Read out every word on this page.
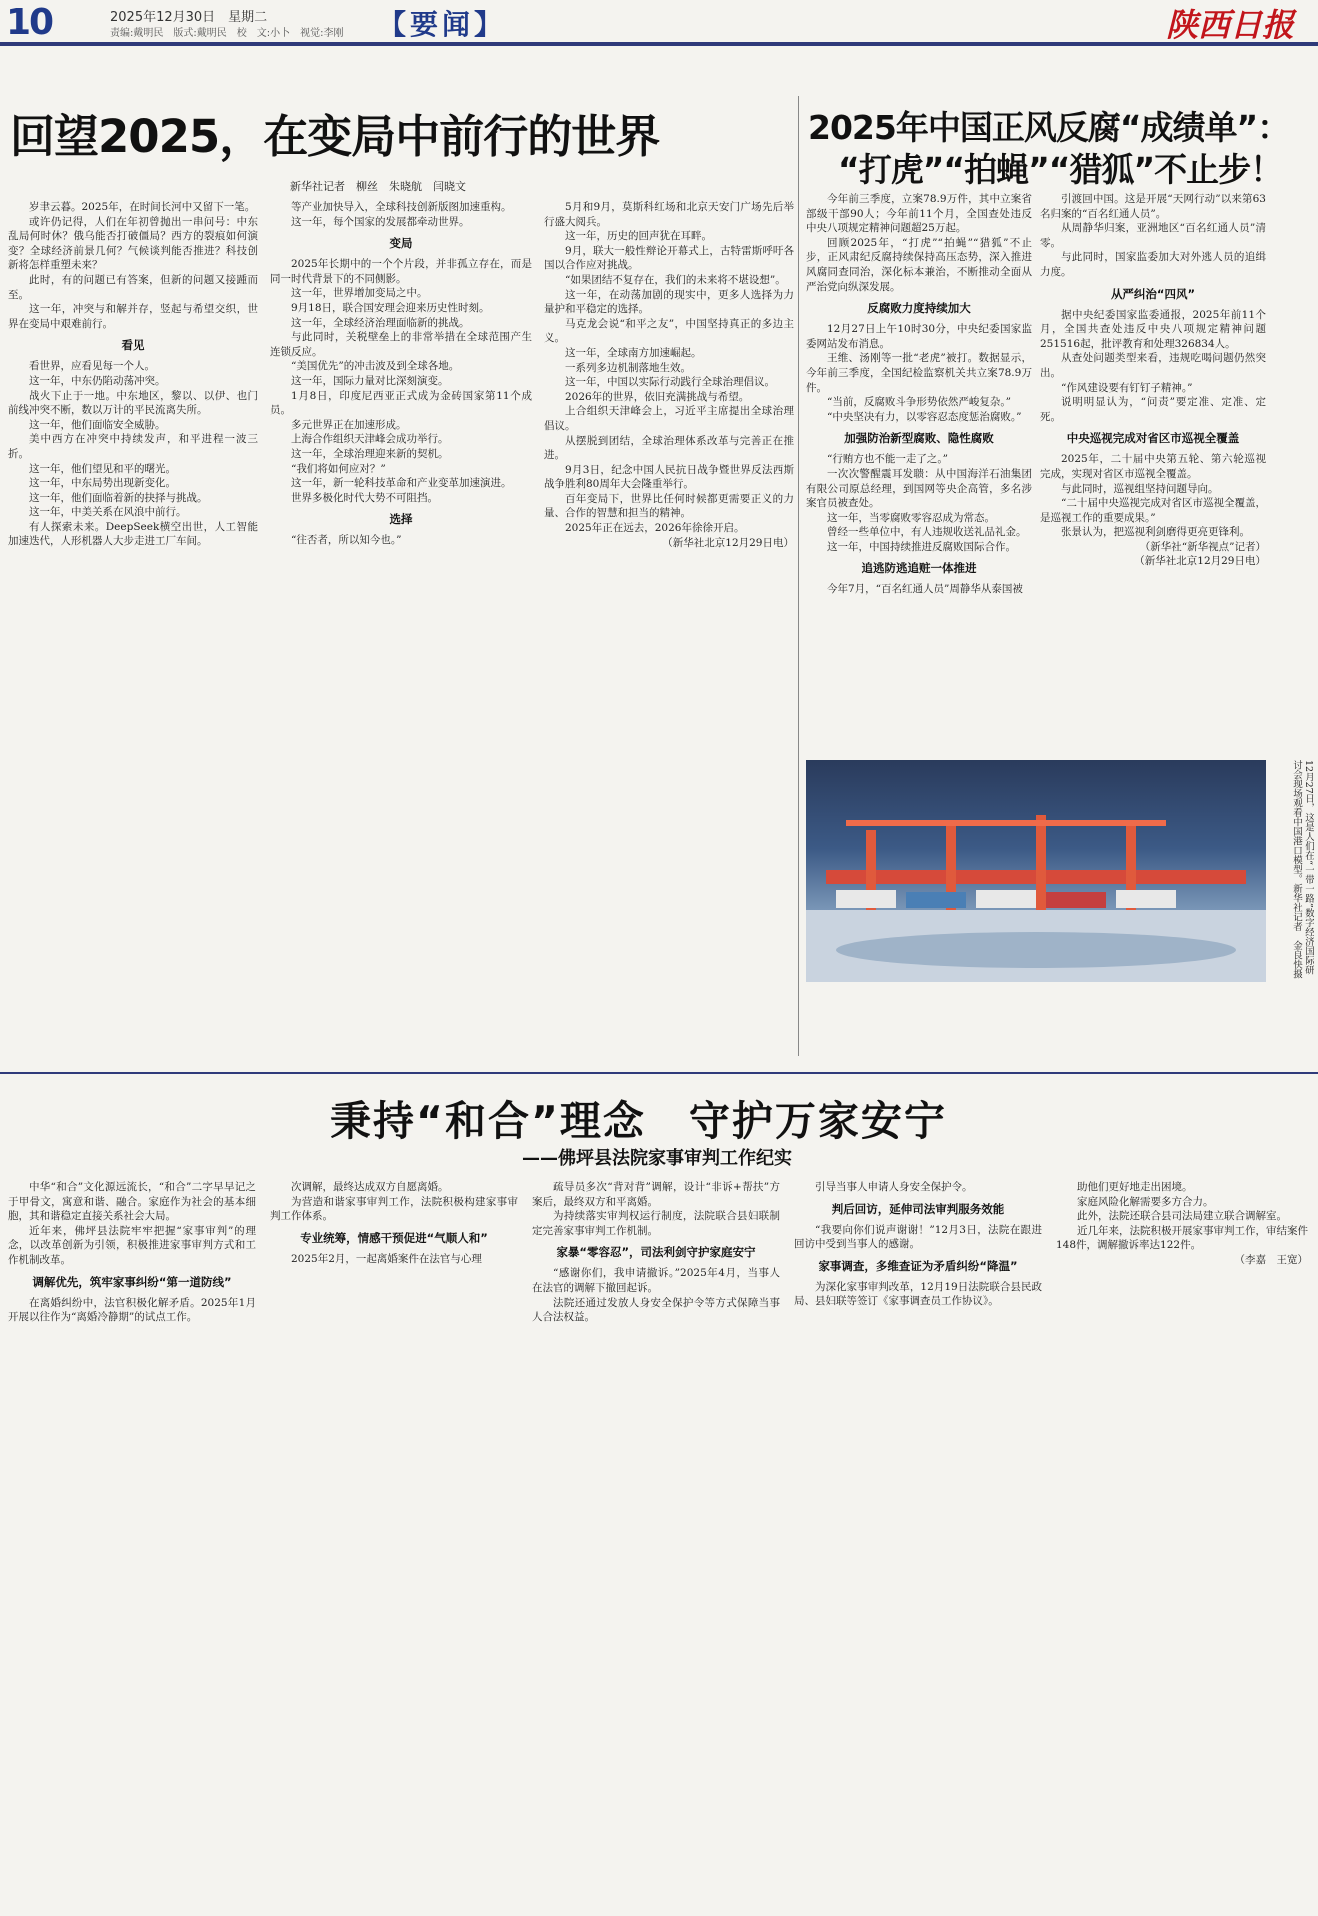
10	2025年12月30日　星期二
责编:戴明民　版式:戴明民　校　文:小卜　视觉:李刚 【要闻】	陕西日报
回望2025，在变局中前行的世界
新华社记者　柳丝　朱晓航　闫晓文

岁聿云暮。2025年，在时间长河中又留下一笔。

或许仍记得，人们在年初曾抛出一串问号：中东乱局何时休？俄乌能否打破僵局？西方的裂痕如何演变？全球经济前景几何？气候谈判能否推进？科技创新将怎样重塑未来？

此时，有的问题已有答案，但新的问题又接踵而至。

这一年，冲突与和解并存，竖起与希望交织，世界在变局中艰难前行。

看见

看世界，应看见每一个人。

这一年，中东仍陷动荡冲突。

战火下止于一地。中东地区，黎以、以伊、也门前线冲突不断，数以万计的平民流离失所。

这一年，他们面临安全威胁。

美中西方在冲突中持续发声，和平进程一波三折。

这一年，他们望见和平的曙光。

这一年，中东局势出现新变化。

这一年，他们面临着新的抉择与挑战。

这一年，中美关系在风浪中前行。

有人探索未来。DeepSeek横空出世，人工智能加速迭代，人形机器人大步走进工厂车间。

等产业加快导入，全球科技创新版图加速重构。

这一年，每个国家的发展都牵动世界。

变局

2025年长期中的一个个片段，并非孤立存在，而是同一时代背景下的不同侧影。

这一年，世界增加变局之中。

9月18日，联合国安理会迎来历史性时刻。

这一年，全球经济治理面临新的挑战。

与此同时，关税壁垒上的非常举措在全球范围产生连锁反应。

“美国优先”的冲击波及到全球各地。

这一年，国际力量对比深刻演变。

1月8日，印度尼西亚正式成为金砖国家第11个成员。

多元世界正在加速形成。

上海合作组织天津峰会成功举行。

这一年，全球治理迎来新的契机。

“我们将如何应对？”

这一年，新一轮科技革命和产业变革加速演进。

世界多极化时代大势不可阻挡。

选择

“往否者，所以知今也。”

5月和9月，莫斯科红场和北京天安门广场先后举行盛大阅兵。

这一年，历史的回声犹在耳畔。

9月，联大一般性辩论开幕式上，古特雷斯呼吁各国以合作应对挑战。

“如果团结不复存在，我们的未来将不堪设想”。

这一年，在动荡加剧的现实中，更多人选择为力量护和平稳定的选择。

马克龙会说“和平之友”，中国坚持真正的多边主义。

这一年，全球南方加速崛起。

一系列多边机制落地生效。

这一年，中国以实际行动践行全球治理倡议。

2026年的世界，依旧充满挑战与希望。

上合组织天津峰会上，习近平主席提出全球治理倡议。

从摆脱到团结，全球治理体系改革与完善正在推进。

9月3日，纪念中国人民抗日战争暨世界反法西斯战争胜利80周年大会隆重举行。

百年变局下，世界比任何时候都更需要正义的力量、合作的智慧和担当的精神。

2025年正在远去，2026年徐徐开启。

（新华社北京12月29日电）

2025年中国正风反腐“成绩单”：
“打虎”“拍蝇”“猎狐”不止步！

今年前三季度，立案78.9万件，其中立案省部级干部90人；今年前11个月，全国查处违反中央八项规定精神问题超25万起。

回顾2025年，“打虎”“拍蝇”“猎狐”不止步，正风肃纪反腐持续保持高压态势，深入推进风腐同查同治，深化标本兼治，不断推动全面从严治党向纵深发展。

反腐败力度持续加大

12月27日上午10时30分，中央纪委国家监委网站发布消息。

王维、汤刚等一批“老虎”被打。数据显示，今年前三季度，全国纪检监察机关共立案78.9万件。

“当前，反腐败斗争形势依然严峻复杂。”

“中央坚决有力，以零容忍态度惩治腐败。”

加强防治新型腐败、隐性腐败

“行贿方也不能一走了之。”

一次次警醒震耳发聩：从中国海洋石油集团有限公司原总经理，到国网等央企高管，多名涉案官员被查处。

这一年，当零腐败零容忍成为常态。

曾经一些单位中，有人违规收送礼品礼金。

这一年，中国持续推进反腐败国际合作。

追逃防逃追赃一体推进

今年7月，“百名红通人员”周静华从泰国被

引渡回中国。这是开展“天网行动”以来第63名归案的“百名红通人员”。

从周静华归案，亚洲地区“百名红通人员”清零。

与此同时，国家监委加大对外逃人员的追缉力度。

从严纠治“四风”

据中央纪委国家监委通报，2025年前11个月，全国共查处违反中央八项规定精神问题251516起，批评教育和处理326834人。

从查处问题类型来看，违规吃喝问题仍然突出。

“作风建设要有钉钉子精神。”

说明明显认为，“问责”要定准、定准、定死。

中央巡视完成对省区市巡视全覆盖

2025年，二十届中央第五轮、第六轮巡视完成，实现对省区市巡视全覆盖。

与此同时，巡视组坚持问题导向。

“二十届中央巡视完成对省区市巡视全覆盖，是巡视工作的重要成果。”

张景认为，把巡视利剑磨得更亮更锋利。

（新华社“新华视点”记者）

（新华社北京12月29日电）

12月27日，这是人们在“一带一路”数字经济国际研讨会现场观看中国港口模型。新华社记者　金良快摄
秉持“和合”理念　守护万家安宁
——佛坪县法院家事审判工作纪实

中华“和合”文化源远流长，“和合”二字早早记之于甲骨文，寓意和谐、融合。家庭作为社会的基本细胞，其和谐稳定直接关系社会大局。

近年来，佛坪县法院牢牢把握“家事审判”的理念，以改革创新为引领，积极推进家事审判方式和工作机制改革。

调解优先，筑牢家事纠纷“第一道防线”

在离婚纠纷中，法官积极化解矛盾。2025年1月开展以往作为“离婚冷静期”的试点工作。

次调解，最终达成双方自愿离婚。

为营造和谐家事审判工作，法院积极构建家事审判工作体系。

专业统筹，情感干预促进“气顺人和”

2025年2月，一起离婚案件在法官与心理

疏导员多次“背对背”调解，设计“非诉+帮扶”方案后，最终双方和平离婚。

为持续落实审判权运行制度，法院联合县妇联制定完善家事审判工作机制。

家暴“零容忍”，司法利剑守护家庭安宁

“感谢你们，我申请撤诉。”2025年4月，当事人在法官的调解下撤回起诉。

法院还通过发放人身安全保护令等方式保障当事人合法权益。

引导当事人申请人身安全保护令。

判后回访，延伸司法审判服务效能

“我要向你们说声谢谢！”12月3日，法院在跟进回访中受到当事人的感谢。

家事调查，多维查证为矛盾纠纷“降温”

为深化家事审判改革，12月19日法院联合县民政局、县妇联等签订《家事调查员工作协议》。

助他们更好地走出困境。

家庭风险化解需要多方合力。

此外，法院还联合县司法局建立联合调解室。

近几年来，法院积极开展家事审判工作，审结案件148件，调解撤诉率达122件。

（李嘉　王宽）
